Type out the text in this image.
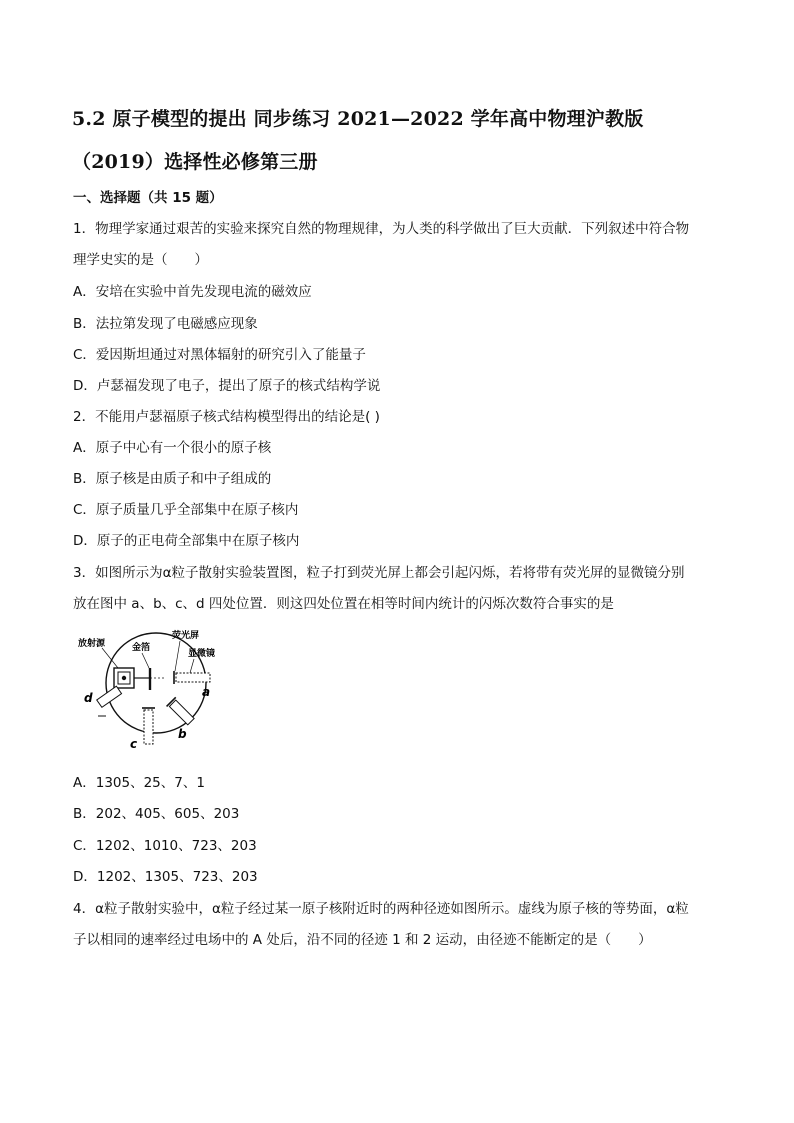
5.2 原子模型的提出 同步练习 2021—2022 学年高中物理沪教版
（2019）选择性必修第三册
一、选择题（共 15 题）
1．物理学家通过艰苦的实验来探究自然的物理规律，为人类的科学做出了巨大贡献．下列叙述中符合物
理学史实的是（　　）
A．安培在实验中首先发现电流的磁效应
B．法拉第发现了电磁感应现象
C．爱因斯坦通过对黑体辐射的研究引入了能量子
D．卢瑟福发现了电子，提出了原子的核式结构学说
2．不能用卢瑟福原子核式结构模型得出的结论是( )
A．原子中心有一个很小的原子核
B．原子核是由质子和中子组成的
C．原子质量几乎全部集中在原子核内
D．原子的正电荷全部集中在原子核内
3．如图所示为α粒子散射实验装置图，粒子打到荧光屏上都会引起闪烁，若将带有荧光屏的显微镜分别
放在图中 a、b、c、d 四处位置．则这四处位置在相等时间内统计的闪烁次数符合事实的是
放射源	金箔
荧光屏
显微镜
a
b
c
d
A．1305、25、7、1
B．202、405、605、203
C．1202、1010、723、203
D．1202、1305、723、203
4．α粒子散射实验中，α粒子经过某一原子核附近时的两种径迹如图所示。虚线为原子核的等势面，α粒
子以相同的速率经过电场中的 A 处后，沿不同的径迹 1 和 2 运动，由径迹不能断定的是（　　）
